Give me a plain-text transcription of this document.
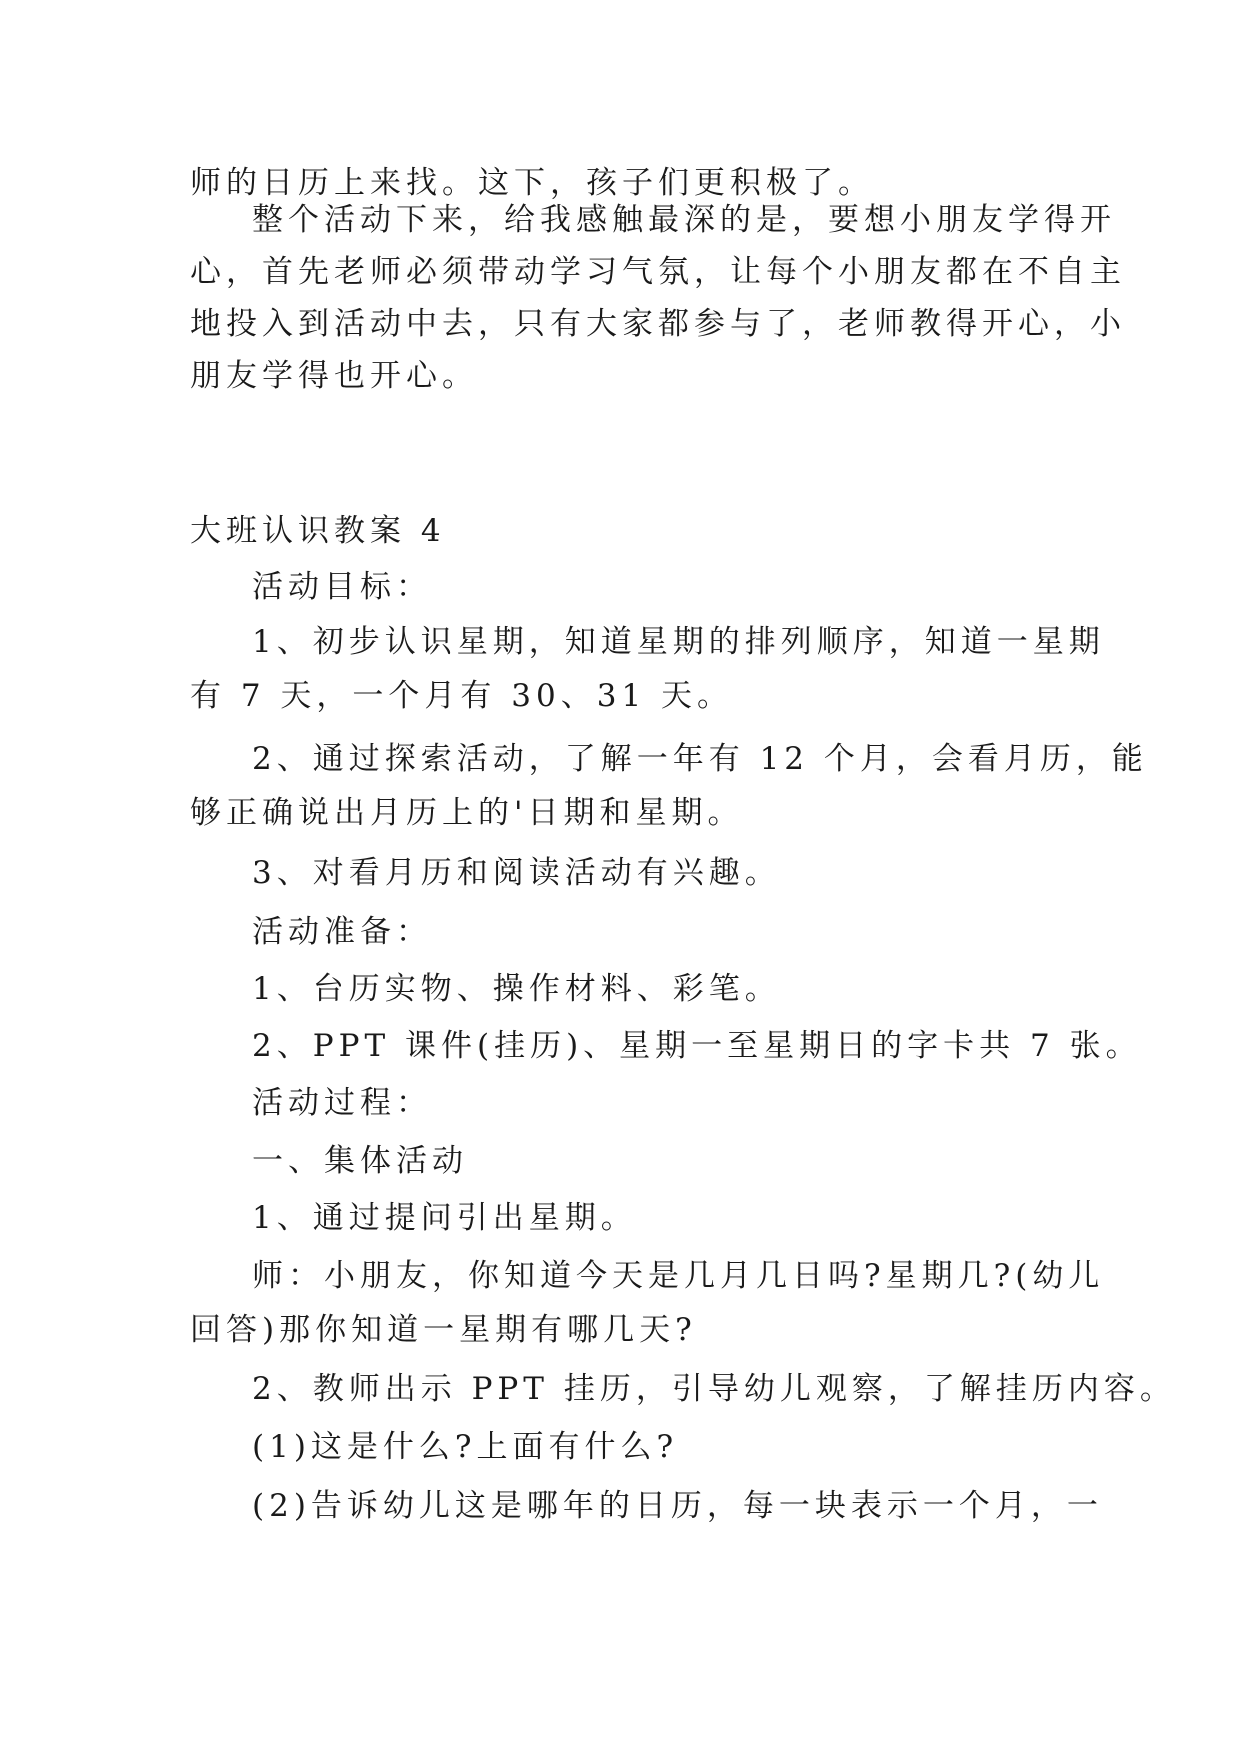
师的日历上来找。这下，孩子们更积极了。
整个活动下来，给我感触最深的是，要想小朋友学得开
心，首先老师必须带动学习气氛，让每个小朋友都在不自主
地投入到活动中去，只有大家都参与了，老师教得开心，小
朋友学得也开心。
大班认识教案 4
活动目标：
1、初步认识星期，知道星期的排列顺序，知道一星期
有 7 天，一个月有 30、31 天。
2、通过探索活动，了解一年有 12 个月，会看月历，能
够正确说出月历上的'日期和星期。
3、对看月历和阅读活动有兴趣。
活动准备：
1、台历实物、操作材料、彩笔。
2、PPT 课件(挂历)、星期一至星期日的字卡共 7 张。
活动过程：
一、集体活动
1、通过提问引出星期。
师：小朋友，你知道今天是几月几日吗?星期几?(幼儿
回答)那你知道一星期有哪几天?
2、教师出示 PPT 挂历，引导幼儿观察，了解挂历内容。
(1)这是什么?上面有什么?
(2)告诉幼儿这是哪年的日历，每一块表示一个月，一
